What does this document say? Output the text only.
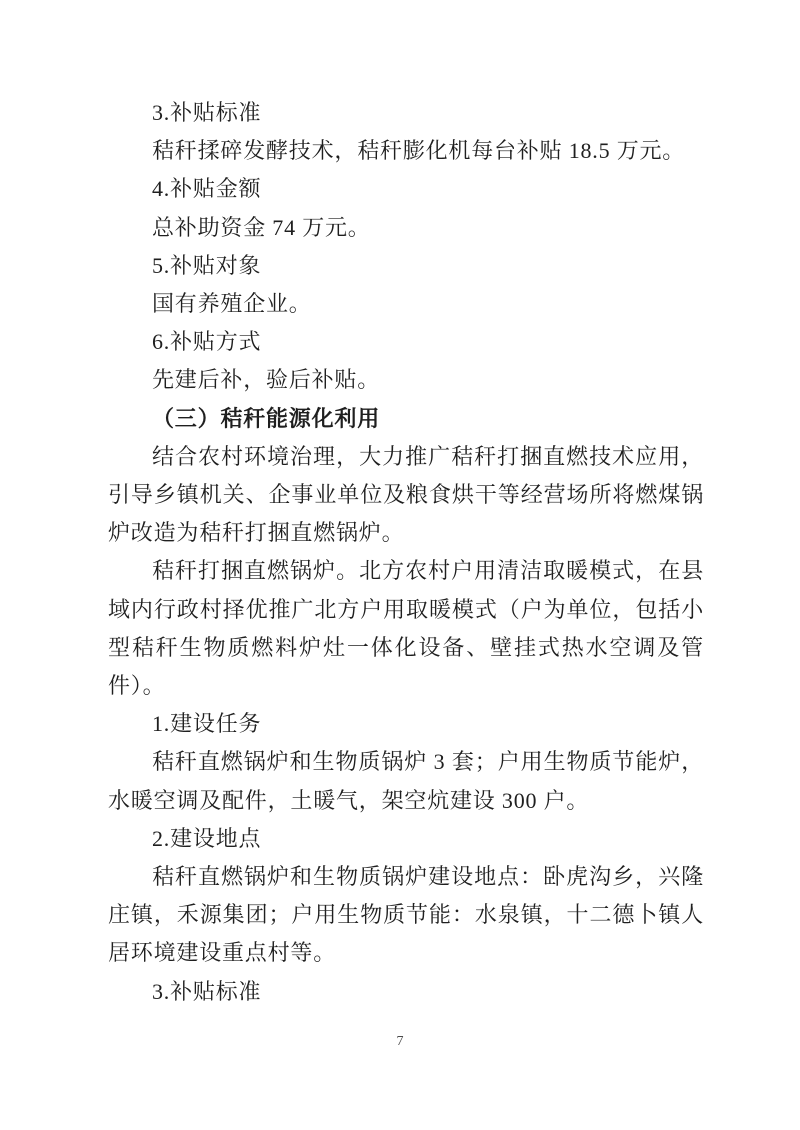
3.补贴标准

秸秆揉碎发酵技术，秸秆膨化机每台补贴 18.5 万元。

4.补贴金额

总补助资金 74 万元。

5.补贴对象

国有养殖企业。

6.补贴方式

先建后补，验后补贴。

（三）秸秆能源化利用

结合农村环境治理，大力推广秸秆打捆直燃技术应用，引导乡镇机关、企事业单位及粮食烘干等经营场所将燃煤锅炉改造为秸秆打捆直燃锅炉。

秸秆打捆直燃锅炉。北方农村户用清洁取暖模式，在县域内行政村择优推广北方户用取暖模式（户为单位，包括小型秸秆生物质燃料炉灶一体化设备、壁挂式热水空调及管件）。

1.建设任务

秸秆直燃锅炉和生物质锅炉 3 套；户用生物质节能炉，水暖空调及配件，土暖气，架空炕建设 300 户。

2.建设地点

秸秆直燃锅炉和生物质锅炉建设地点：卧虎沟乡，兴隆庄镇，禾源集团；户用生物质节能：水泉镇，十二德卜镇人居环境建设重点村等。

3.补贴标准

7
